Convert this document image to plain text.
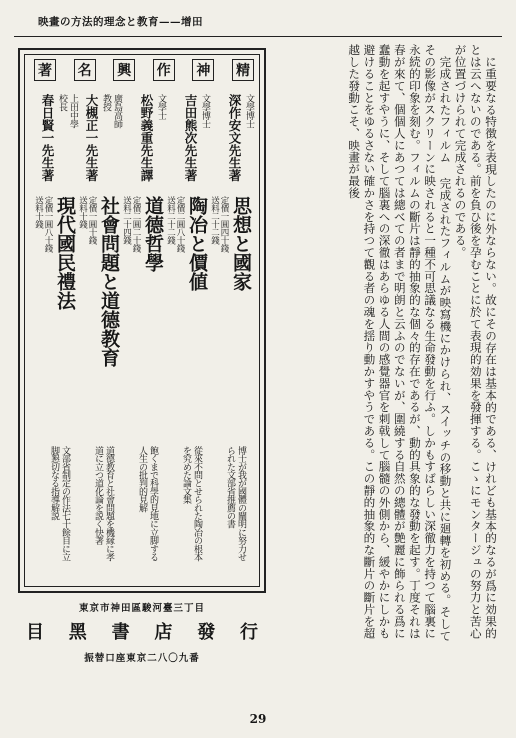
映畫の方法的理念と教育——增田

に重要なる特徴を表現したのに外ならない。故にその存在は基本的である、けれども基本的なるが爲に効果的とは云へないのである。前を負ひ後を孕むことに於て表現的効果を發揮する。こゝにモンタージュの努力と苦心が位置づけられて完成されるのである。

完成されたフィルム 完成されたフィルムが映寫機にかけられ、スイッチの移動と共に廻轉を初める。そしてその影像がスクリーンに映されると一種不可思議なる生命發動を行ふ。しかもすばらしい深徹力を持つて腦裏に永続的印象を刻む。フィルムの斷片は靜的抽象的な個々的存在であるが、動的具象的な發動を起す。丁度それは春が來て、個個人にあつては總べての者まで明朗と云ふのでないが、圍繞する自然の總體が艶麗に飾られる爲に蠢動を起すやうに、そして腦裏への深徹はあらゆる人間の感覺器官を刺戟して腦髓の外側から、緩やかにしかも避けることをゆるさない確かさを持つて觀る者の魂を揺り動かすやうである。この靜的抽象的な斷片の斷片を超越した發動こそ、映畫が最後

精
神
作
興
名
著
文學博士
深作安文先生著
思想と國家
定價一圓四十錢 送料二十二錢
博士が我が國體の闡明に努力せられた文部省推薦の書
文學博士
吉田熊次先生著
陶冶と價値
定價二圓八十錢 送料二十二錢
從來不問とせられた陶冶の根本を究めた論文集
文學士
松野義重先生譯
道德哲學
定價二圓二十錢 送料二十四錢
飽くまで科學的見地に立脚する人生の批判的見解
廣島高師教授
大槻正一先生著
社會問題と道德教育
定價一圓十錢 送料十錢
道德教育と社會問題を機縁に孝道に立つ道化論を説く快著
上田中學校長
春日賢一先生著
現代國民禮法
定價一圓八十錢 送料十錢
文部省制定の作法七十餘目に立脚懇切なる指導解説
東京市神田區駿河臺三丁目
目 黑 書 店 發 行
振替口座東京二八〇九番
29
